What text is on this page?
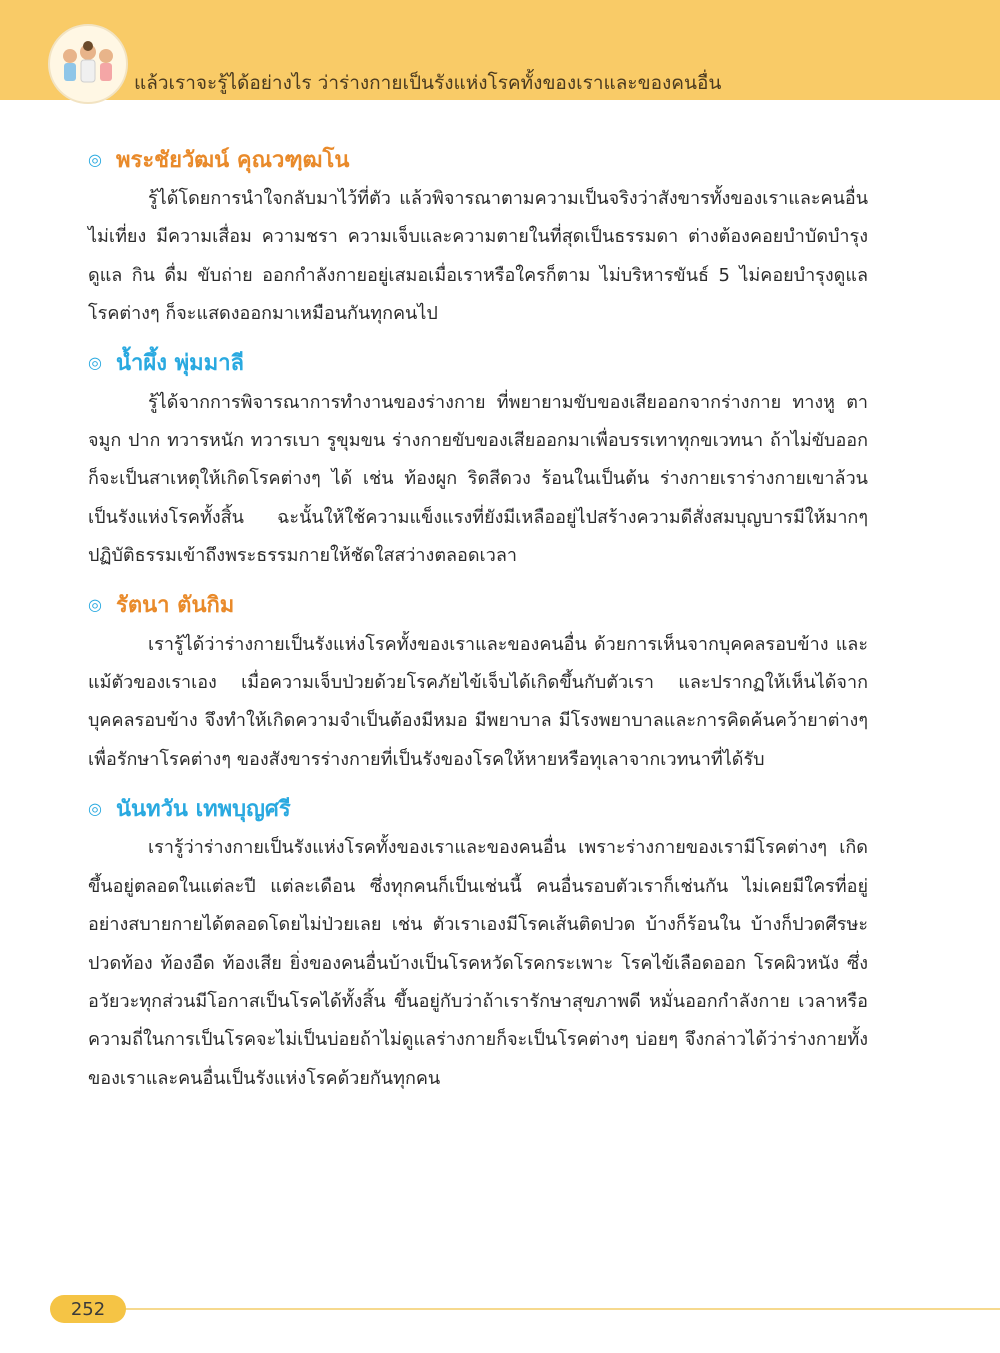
แล้วเราจะรู้ได้อย่างไร ว่าร่างกายเป็นรังแห่งโรคทั้งของเราและของคนอื่น
◎ พระชัยวัฒน์ คุณวฑฺฒโน

รู้ได้โดยการนำใจกลับมาไว้ที่ตัว แล้วพิจารณาตามความเป็นจริงว่าสังขารทั้งของเราและคนอื่นไม่เที่ยง มีความเสื่อม ความชรา ความเจ็บและความตายในที่สุดเป็นธรรมดา ต่างต้องคอยบำบัดบำรุงดูแล กิน ดื่ม ขับถ่าย ออกกำลังกายอยู่เสมอเมื่อเราหรือใครก็ตาม ไม่บริหารขันธ์ 5 ไม่คอยบำรุงดูแล โรคต่างๆ ก็จะแสดงออกมาเหมือนกันทุกคนไป

◎ น้ำผึ้ง พุ่มมาลี

รู้ได้จากการพิจารณาการทำงานของร่างกาย ที่พยายามขับของเสียออกจากร่างกาย ทางหู ตา จมูก ปาก ทวารหนัก ทวารเบา รูขุมขน ร่างกายขับของเสียออกมาเพื่อบรรเทาทุกขเวทนา ถ้าไม่ขับออกก็จะเป็นสาเหตุให้เกิดโรคต่างๆ ได้ เช่น ท้องผูก ริดสีดวง ร้อนในเป็นต้น ร่างกายเราร่างกายเขาล้วนเป็นรังแห่งโรคทั้งสิ้น ฉะนั้นให้ใช้ความแข็งแรงที่ยังมีเหลืออยู่ไปสร้างความดีสั่งสมบุญบารมีให้มากๆ ปฏิบัติธรรมเข้าถึงพระธรรมกายให้ชัดใสสว่างตลอดเวลา

◎ รัตนา ตันกิม

เรารู้ได้ว่าร่างกายเป็นรังแห่งโรคทั้งของเราและของคนอื่น ด้วยการเห็นจากบุคคลรอบข้าง และแม้ตัวของเราเอง เมื่อความเจ็บป่วยด้วยโรคภัยไข้เจ็บได้เกิดขึ้นกับตัวเรา และปรากฏให้เห็นได้จากบุคคลรอบข้าง จึงทำให้เกิดความจำเป็นต้องมีหมอ มีพยาบาล มีโรงพยาบาลและการคิดค้นคว้ายาต่างๆ เพื่อรักษาโรคต่างๆ ของสังขารร่างกายที่เป็นรังของโรคให้หายหรือทุเลาจากเวทนาที่ได้รับ

◎ นันทวัน เทพบุญศรี

เรารู้ว่าร่างกายเป็นรังแห่งโรคทั้งของเราและของคนอื่น เพราะร่างกายของเรามีโรคต่างๆ เกิดขึ้นอยู่ตลอดในแต่ละปี แต่ละเดือน ซึ่งทุกคนก็เป็นเช่นนี้ คนอื่นรอบตัวเราก็เช่นกัน ไม่เคยมีใครที่อยู่อย่างสบายกายได้ตลอดโดยไม่ป่วยเลย เช่น ตัวเราเองมีโรคเส้นติดปวด บ้างก็ร้อนใน บ้างก็ปวดศีรษะ ปวดท้อง ท้องอืด ท้องเสีย ยิ่งของคนอื่นบ้างเป็นโรคหวัดโรคกระเพาะ โรคไข้เลือดออก โรคผิวหนัง ซึ่งอวัยวะทุกส่วนมีโอกาสเป็นโรคได้ทั้งสิ้น ขึ้นอยู่กับว่าถ้าเรารักษาสุขภาพดี หมั่นออกกำลังกาย เวลาหรือความถี่ในการเป็นโรคจะไม่เป็นบ่อยถ้าไม่ดูแลร่างกายก็จะเป็นโรคต่างๆ บ่อยๆ จึงกล่าวได้ว่าร่างกายทั้งของเราและคนอื่นเป็นรังแห่งโรคด้วยกันทุกคน

252
